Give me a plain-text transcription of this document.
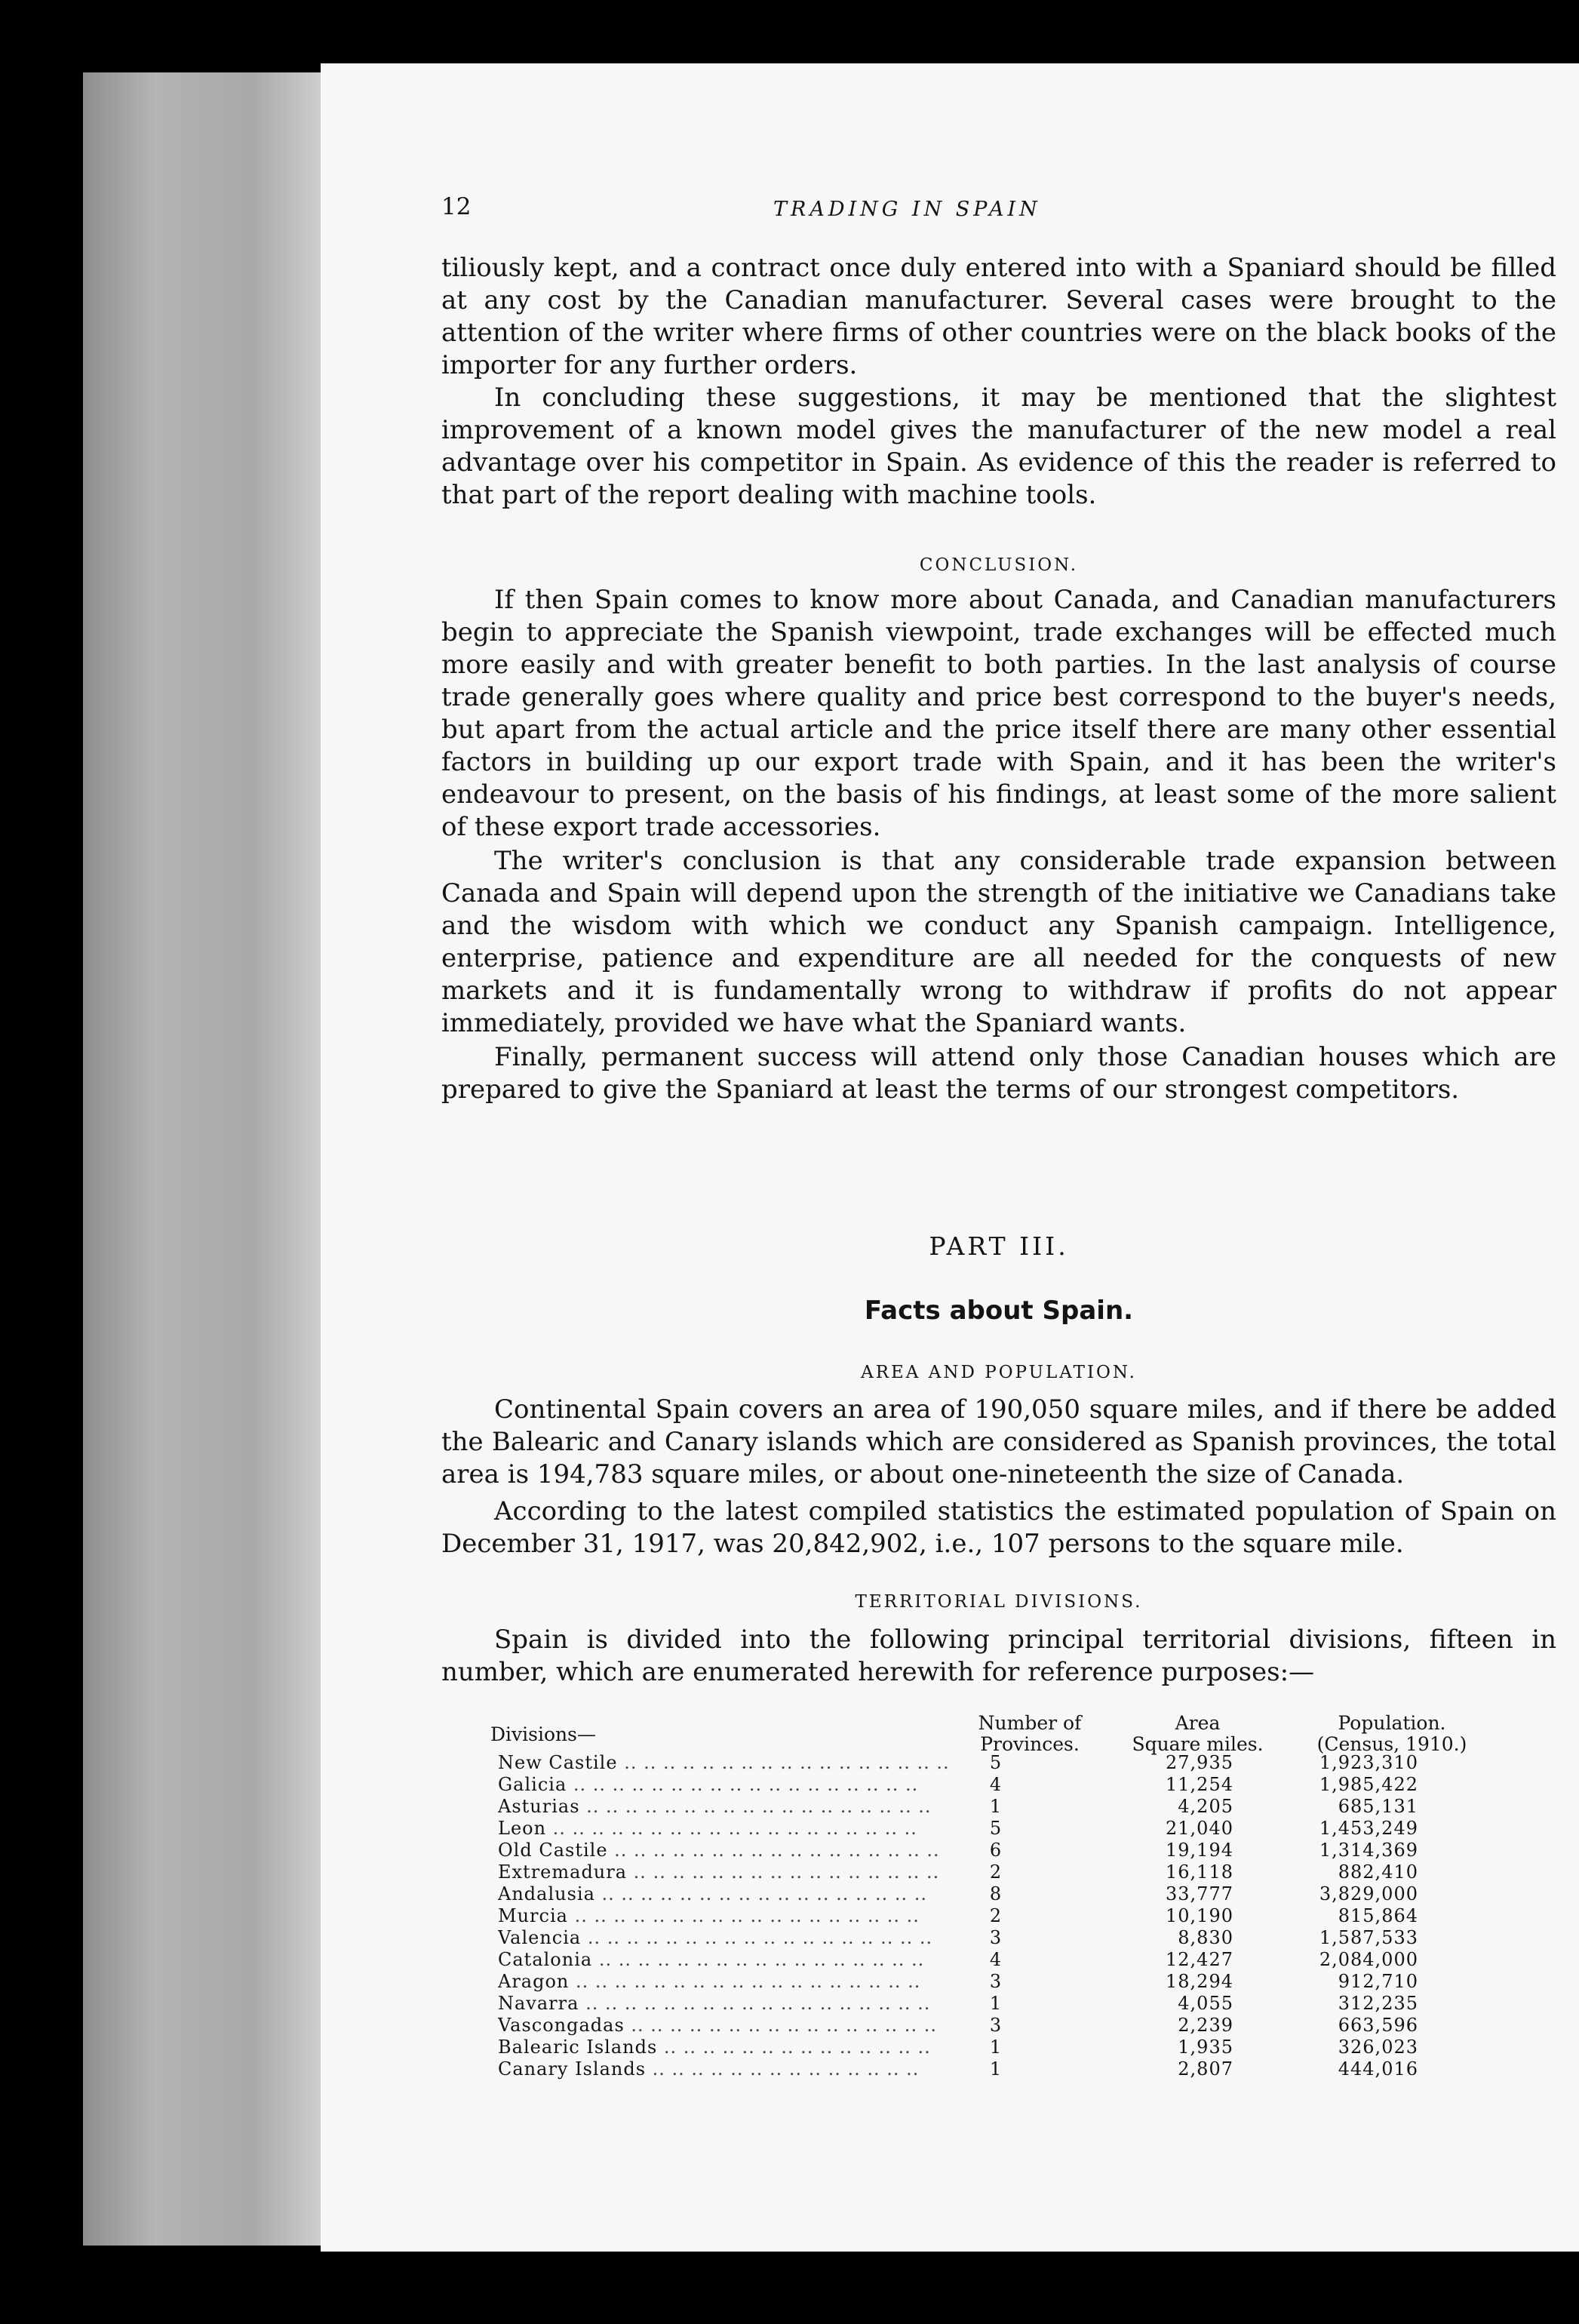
12	TRADING IN SPAIN

tiliously kept, and a contract once duly entered into with a Spaniard should be filled at any cost by the Canadian manufacturer. Several cases were brought to the attention of the writer where firms of other countries were on the black books of the importer for any further orders.

In concluding these suggestions, it may be mentioned that the slightest improvement of a known model gives the manufacturer of the new model a real advantage over his competitor in Spain. As evidence of this the reader is referred to that part of the report dealing with machine tools.

CONCLUSION.

If then Spain comes to know more about Canada, and Canadian manufacturers begin to appreciate the Spanish viewpoint, trade exchanges will be effected much more easily and with greater benefit to both parties. In the last analysis of course trade generally goes where quality and price best correspond to the buyer's needs, but apart from the actual article and the price itself there are many other essential factors in building up our export trade with Spain, and it has been the writer's endeavour to present, on the basis of his findings, at least some of the more salient of these export trade accessories.

The writer's conclusion is that any considerable trade expansion between Canada and Spain will depend upon the strength of the initiative we Canadians take and the wisdom with which we conduct any Spanish campaign. Intelligence, enterprise, patience and expenditure are all needed for the conquests of new markets and it is fundamentally wrong to withdraw if profits do not appear immediately, provided we have what the Spaniard wants.

Finally, permanent success will attend only those Canadian houses which are prepared to give the Spaniard at least the terms of our strongest competitors.

PART III.
Facts about Spain.
AREA AND POPULATION.

Continental Spain covers an area of 190,050 square miles, and if there be added the Balearic and Canary islands which are considered as Spanish provinces, the total area is 194,783 square miles, or about one-nineteenth the size of Canada.

According to the latest compiled statistics the estimated population of Spain on December 31, 1917, was 20,842,902, i.e., 107 persons to the square mile.

TERRITORIAL DIVISIONS.

Spain is divided into the following principal territorial divisions, fifteen in number, which are enumerated herewith for reference purposes:—

Divisions—
Number of
Provinces.
Area
Square miles.
Population.
(Census, 1910.)
New Castile .. .. .. .. .. .. .. .. .. .. .. .. .. .. .. .. ..	5	27,935	1,923,310
Galicia .. .. .. .. .. .. .. .. .. .. .. .. .. .. .. .. .. ..	4	11,254	1,985,422
Asturias .. .. .. .. .. .. .. .. .. .. .. .. .. .. .. .. .. ..	1	4,205	685,131
Leon .. .. .. .. .. .. .. .. .. .. .. .. .. .. .. .. .. .. ..	5	21,040	1,453,249
Old Castile .. .. .. .. .. .. .. .. .. .. .. .. .. .. .. .. ..	6	19,194	1,314,369
Extremadura .. .. .. .. .. .. .. .. .. .. .. .. .. .. .. ..	2	16,118	882,410
Andalusia .. .. .. .. .. .. .. .. .. .. .. .. .. .. .. .. ..	8	33,777	3,829,000
Murcia .. .. .. .. .. .. .. .. .. .. .. .. .. .. .. .. .. ..	2	10,190	815,864
Valencia .. .. .. .. .. .. .. .. .. .. .. .. .. .. .. .. .. ..	3	8,830	1,587,533
Catalonia .. .. .. .. .. .. .. .. .. .. .. .. .. .. .. .. ..	4	12,427	2,084,000
Aragon .. .. .. .. .. .. .. .. .. .. .. .. .. .. .. .. .. ..	3	18,294	912,710
Navarra .. .. .. .. .. .. .. .. .. .. .. .. .. .. .. .. .. ..	1	4,055	312,235
Vascongadas .. .. .. .. .. .. .. .. .. .. .. .. .. .. .. ..	3	2,239	663,596
Balearic Islands .. .. .. .. .. .. .. .. .. .. .. .. .. ..	1	1,935	326,023
Canary Islands .. .. .. .. .. .. .. .. .. .. .. .. .. ..	1	2,807	444,016
